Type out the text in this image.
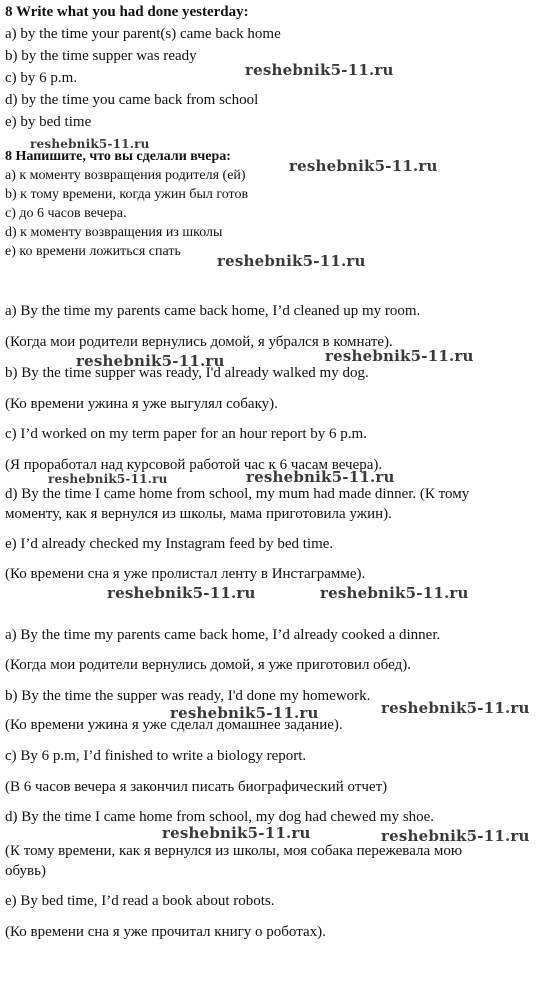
8 Write what you had done yesterday:
a) by the time your parent(s) came back home
b) by the time supper was ready
c) by 6 p.m.
d) by the time you came back from school
e) by bed time
8 Напишите, что вы сделали вчера:
а) к моменту возвращения родителя (ей)
b) к тому времени, когда ужин был готов
c) до 6 часов вечера.
d) к моменту возвращения из школы
e) ко времени ложиться спать
a) By the time my parents came back home, I’d cleaned up my room.
(Когда мои родители вернулись домой, я убрался в комнате).
b) By the time supper was ready, I'd already walked my dog.
(Ко времени ужина я уже выгулял собаку).
c) I’d worked on my term paper for an hour report by 6 p.m.
(Я проработал над курсовой работой час к 6 часам вечера).
d) By the time I came home from school, my mum had made dinner. (К тому
моменту, как я вернулся из школы, мама приготовила ужин).
e) I’d already checked my Instagram feed by bed time.
(Ко времени сна я уже пролистал ленту в Инстаграмме).
a) By the time my parents came back home, I’d already cooked a dinner.
(Когда мои родители вернулись домой, я уже приготовил обед).
b) By the time the supper was ready, I'd done my homework.
(Ко времени ужина я уже сделал домашнее задание).
c) By 6 p.m, I’d finished to write a biology report.
(В 6 часов вечера я закончил писать биографический отчет)
d) By the time I came home from school, my dog had chewed my shoe.
(К тому времени, как я вернулся из школы, моя собака пережевала мою
обувь)
e) By bed time, I’d read a book about robots.
(Ко времени сна я уже прочитал книгу о роботах).
reshebnik5-11.ru
reshebnik5-11.ru
reshebnik5-11.ru
reshebnik5-11.ru
reshebnik5-11.ru	reshebnik5-11.ru
reshebnik5-11.ru	reshebnik5-11.ru
reshebnik5-11.ru	reshebnik5-11.ru
reshebnik5-11.ru	reshebnik5-11.ru
reshebnik5-11.ru	reshebnik5-11.ru
